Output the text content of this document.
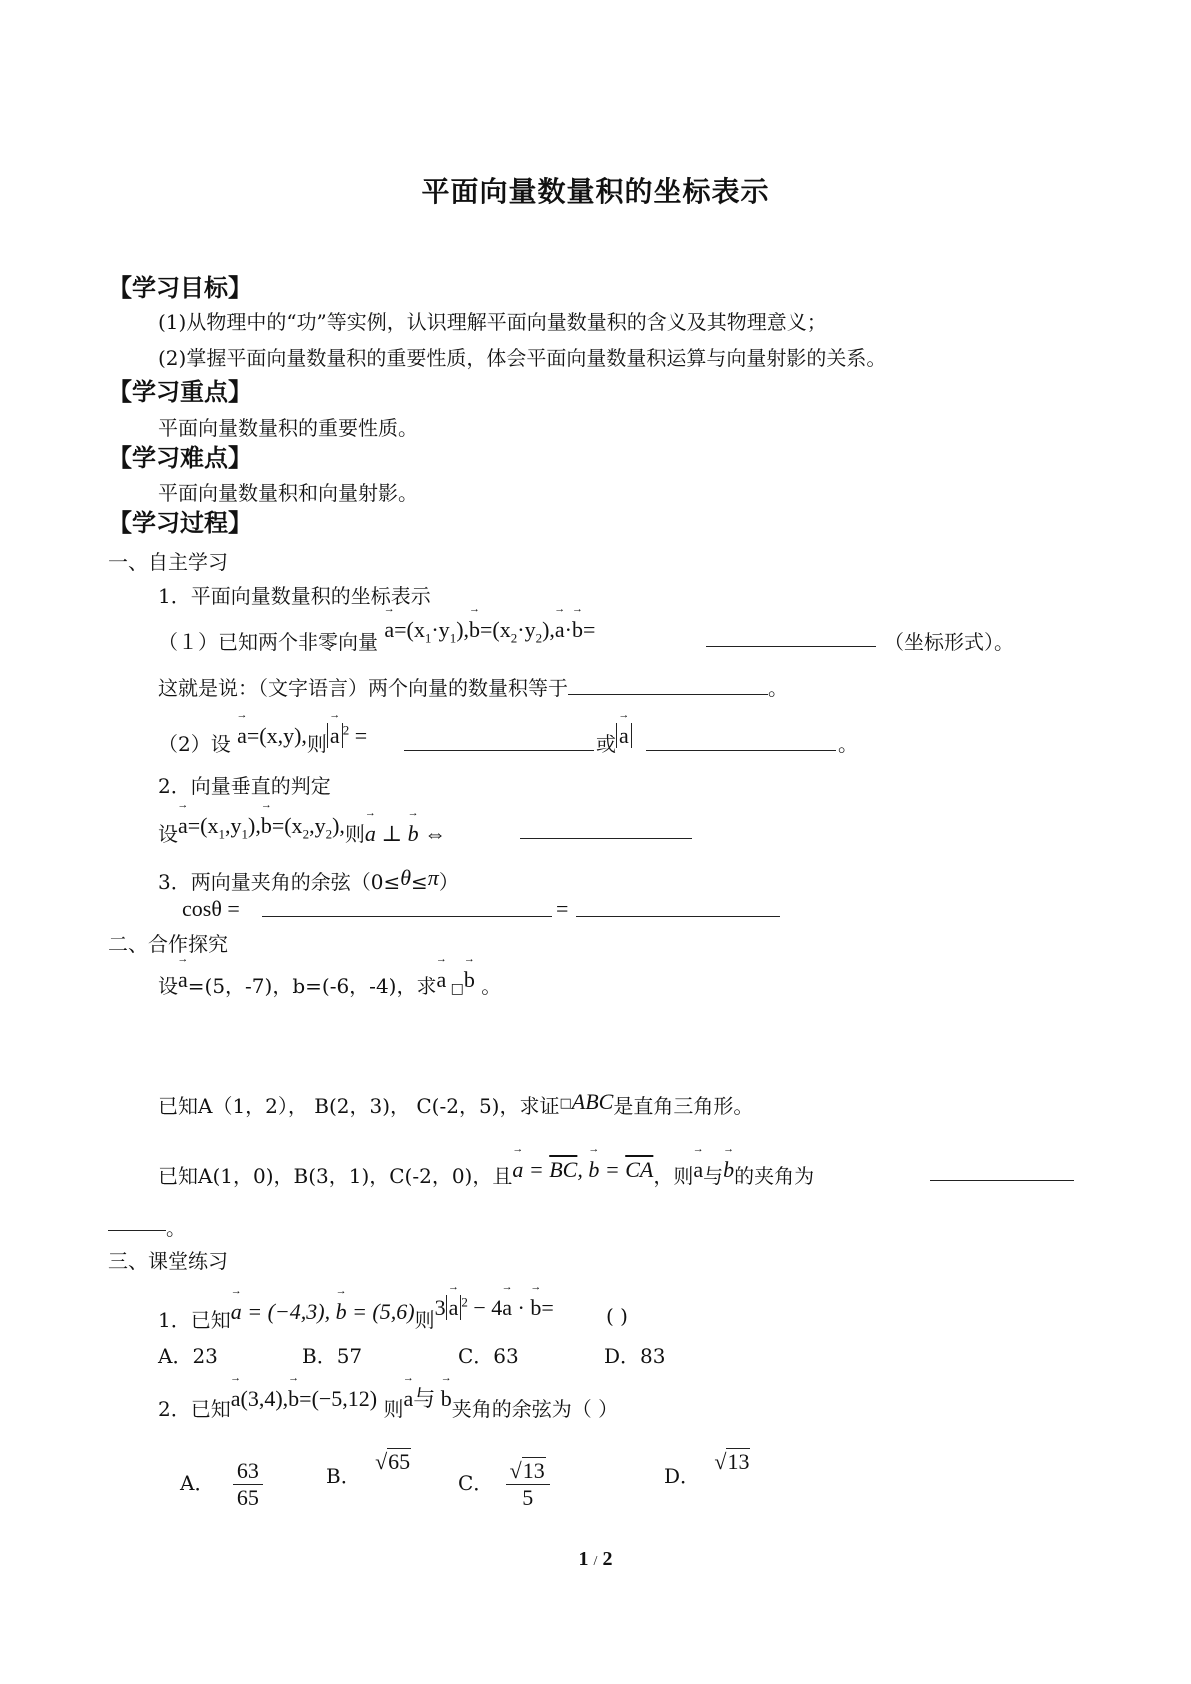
平面向量数量积的坐标表示
【学习目标】
(1)从物理中的“功”等实例，认识理解平面向量数量积的含义及其物理意义；
(2)掌握平面向量数量积的重要性质，体会平面向量数量积运算与向量射影的关系。
【学习重点】
平面向量数量积的重要性质。
【学习难点】
平面向量数量积和向量射影。
【学习过程】
一、自主学习
1．平面向量数量积的坐标表示
（１）已知两个非零向量 → $a=(x_1\cdot y_1),\to b=(x_2\cdot y_2),\to a\cdot\to b=$	（坐标形式）。
这就是说：（文字语言）两个向量的数量积等于	。
（2）设 → a=(x,y),则 → a $^2$ =	或 → a	。
2．向量垂直的判定
设→ $a=(x_1,y_1),\to b=(x_2,y_2)$,则→ a ⊥ → b ⇔
3．两向量夹角的余弦（0≤θ≤π）
cosθ =	=
二、合作探究
设→ a=(5，-7)，b=(-6，-4)，求→ a □→ b 。
已知A（1，2）， B(2，3)， C(-2，5)，求证□ABC是直角三角形。
已知A(1，0)，B(3，1)，C(-2，0)，且→ $a = \overline{BC}$, → $b = \overline{CA}$，则→ a与→ b的夹角为
。
三、课堂练习
1．已知→ a = (−4,3), → b = (5,6)则3 → a $^2$ − 4→ a · → b=	( )
A．23	B．57	C．63	D．83
2．已知→ a(3,4),→ b=(−5,12) 则→ a与 → b夹角的余弦为（ ）
A． $\frac{63}{65}$	B． √65
C． $\frac{√13}{5}$	D． √13
1 / 2
